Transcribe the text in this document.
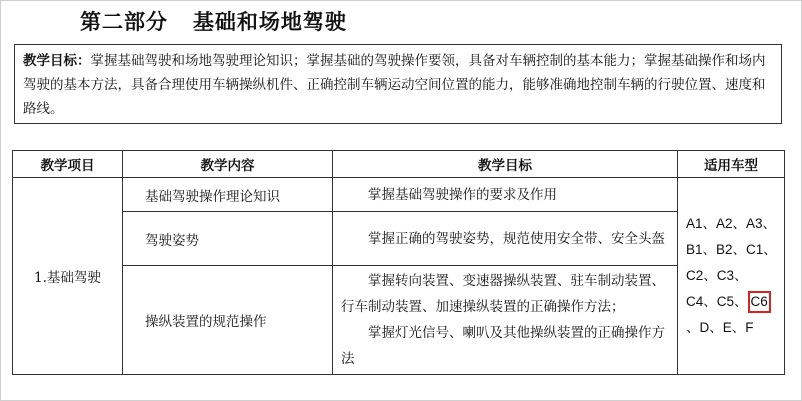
第二部分 基础和场地驾驶
教学目标：掌握基础驾驶和场地驾驶理论知识；掌握基础的驾驶操作要领，具备对车辆控制的基本能力；掌握基础操作和场内驾驶的基本方法，具备合理使用车辆操纵机件、正确控制车辆运动空间位置的能力，能够准确地控制车辆的行驶位置、速度和路线。
教学项目	教学内容	教学目标	适用车型
1.基础驾驶	基础驾驶操作理论知识	掌握基础驾驶操作的要求及作用	A1、A2、A3、B1、B2、C1、C2、C3、C4、C5、 C6、D、E、F
	驾驶姿势	掌握正确的驾驶姿势，规范使用安全带、安全头盔	

	操纵装置的规范操作	掌握转向装置、变速器操纵装置、驻车制动装置、行车制动装置、加速操纵装置的正确操作方法；
掌握灯光信号、喇叭及其他操纵装置的正确操作方法	
